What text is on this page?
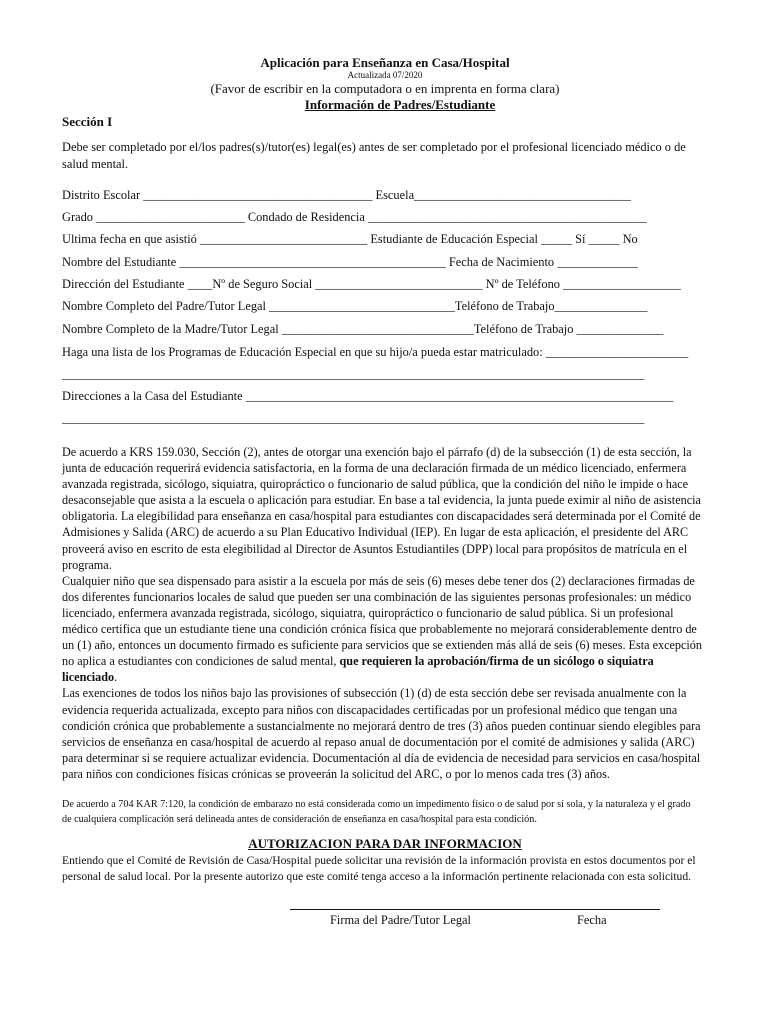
Aplicación para Enseñanza en Casa/Hospital
Actualizada 07/2020
(Favor de escribir en la computadora o en imprenta en forma clara)
Información de Padres/Estudiante
Sección I
Debe ser completado por el/los padres(s)/tutor(es) legal(es) antes de ser completado por el profesional licenciado médico o de salud mental.
Distrito Escolar _____________________________________ Escuela___________________________________
Grado ________________________ Condado de Residencia _____________________________________________
Ultima fecha en que asistió ___________________________ Estudiante de Educación Especial _____ Sí _____ No
Nombre del Estudiante ___________________________________________ Fecha de Nacimiento _____________
Dirección del Estudiante ____Nº de Seguro Social ___________________________ Nº de Teléfono ___________________
Nombre Completo del Padre/Tutor Legal ______________________________Teléfono de Trabajo_______________
Nombre Completo de la Madre/Tutor Legal _______________________________Teléfono de Trabajo ______________
Haga una lista de los Programas de Educación Especial en que su hijo/a pueda estar matriculado: _______________________
______________________________________________________________________________________________
Direcciones a la Casa del Estudiante _____________________________________________________________________
______________________________________________________________________________________________

De acuerdo a KRS 159.030, Sección (2), antes de otorgar una exención bajo el párrafo (d) de la subsección (1) de esta sección, la junta de educación requerirá evidencia satisfactoria, en la forma de una declaración firmada de un médico licenciado, enfermera avanzada registrada, sicólogo, siquiatra, quiropráctico o funcionario de salud pública, que la condición del niño le impide o hace desaconsejable que asista a la escuela o aplicación para estudiar. En base a tal evidencia, la junta puede eximir al niño de asistencia obligatoria. La elegibilidad para enseñanza en casa/hospital para estudiantes con discapacidades será determinada por el Comité de Admisiones y Salida (ARC) de acuerdo a su Plan Educativo Individual (IEP). En lugar de esta aplicación, el presidente del ARC proveerá aviso en escrito de esta elegibilidad al Director de Asuntos Estudiantiles (DPP) local para propósitos de matrícula en el programa.

Cualquier niño que sea dispensado para asistir a la escuela por más de seis (6) meses debe tener dos (2) declaraciones firmadas de dos diferentes funcionarios locales de salud que pueden ser una combinación de las siguientes personas profesionales: un médico licenciado, enfermera avanzada registrada, sicólogo, siquiatra, quiropráctico o funcionario de salud pública. Si un profesional médico certifica que un estudiante tiene una condición crónica física que probablemente no mejorará considerablemente dentro de un (1) año, entonces un documento firmado es suficiente para servicios que se extienden más allá de seis (6) meses. Esta excepción no aplica a estudiantes con condiciones de salud mental, que requieren la aprobación/firma de un sicólogo o siquiatra licenciado.

Las exenciones de todos los niños bajo las provisiones of subsección (1) (d) de esta sección debe ser revisada anualmente con la evidencia requerida actualizada, excepto para niños con discapacidades certificadas por un profesional médico que tengan una condición crónica que probablemente a sustancialmente no mejorará dentro de tres (3) años pueden continuar siendo elegibles para servicios de enseñanza en casa/hospital de acuerdo al repaso anual de documentación por el comité de admisiones y salida (ARC) para determinar si se requiere actualizar evidencia. Documentación al día de evidencia de necesidad para servicios en casa/hospital para niños con condiciones físicas crónicas se proveerán la solicitud del ARC, o por lo menos cada tres (3) años.

De acuerdo a 704 KAR 7:120, la condición de embarazo no está considerada como un impedimento físico o de salud por sí sola, y la naturaleza y el grado de cualquiera complicación será delineada antes de consideración de enseñanza en casa/hospital para esta condición.
AUTORIZACION PARA DAR INFORMACION
Entiendo que el Comité de Revisión de Casa/Hospital puede solicitar una revisión de la información provista en estos documentos por el personal de salud local. Por la presente autorizo que este comité tenga acceso a la información pertinente relacionada con esta solicitud.
Firma del Padre/Tutor Legal	Fecha
